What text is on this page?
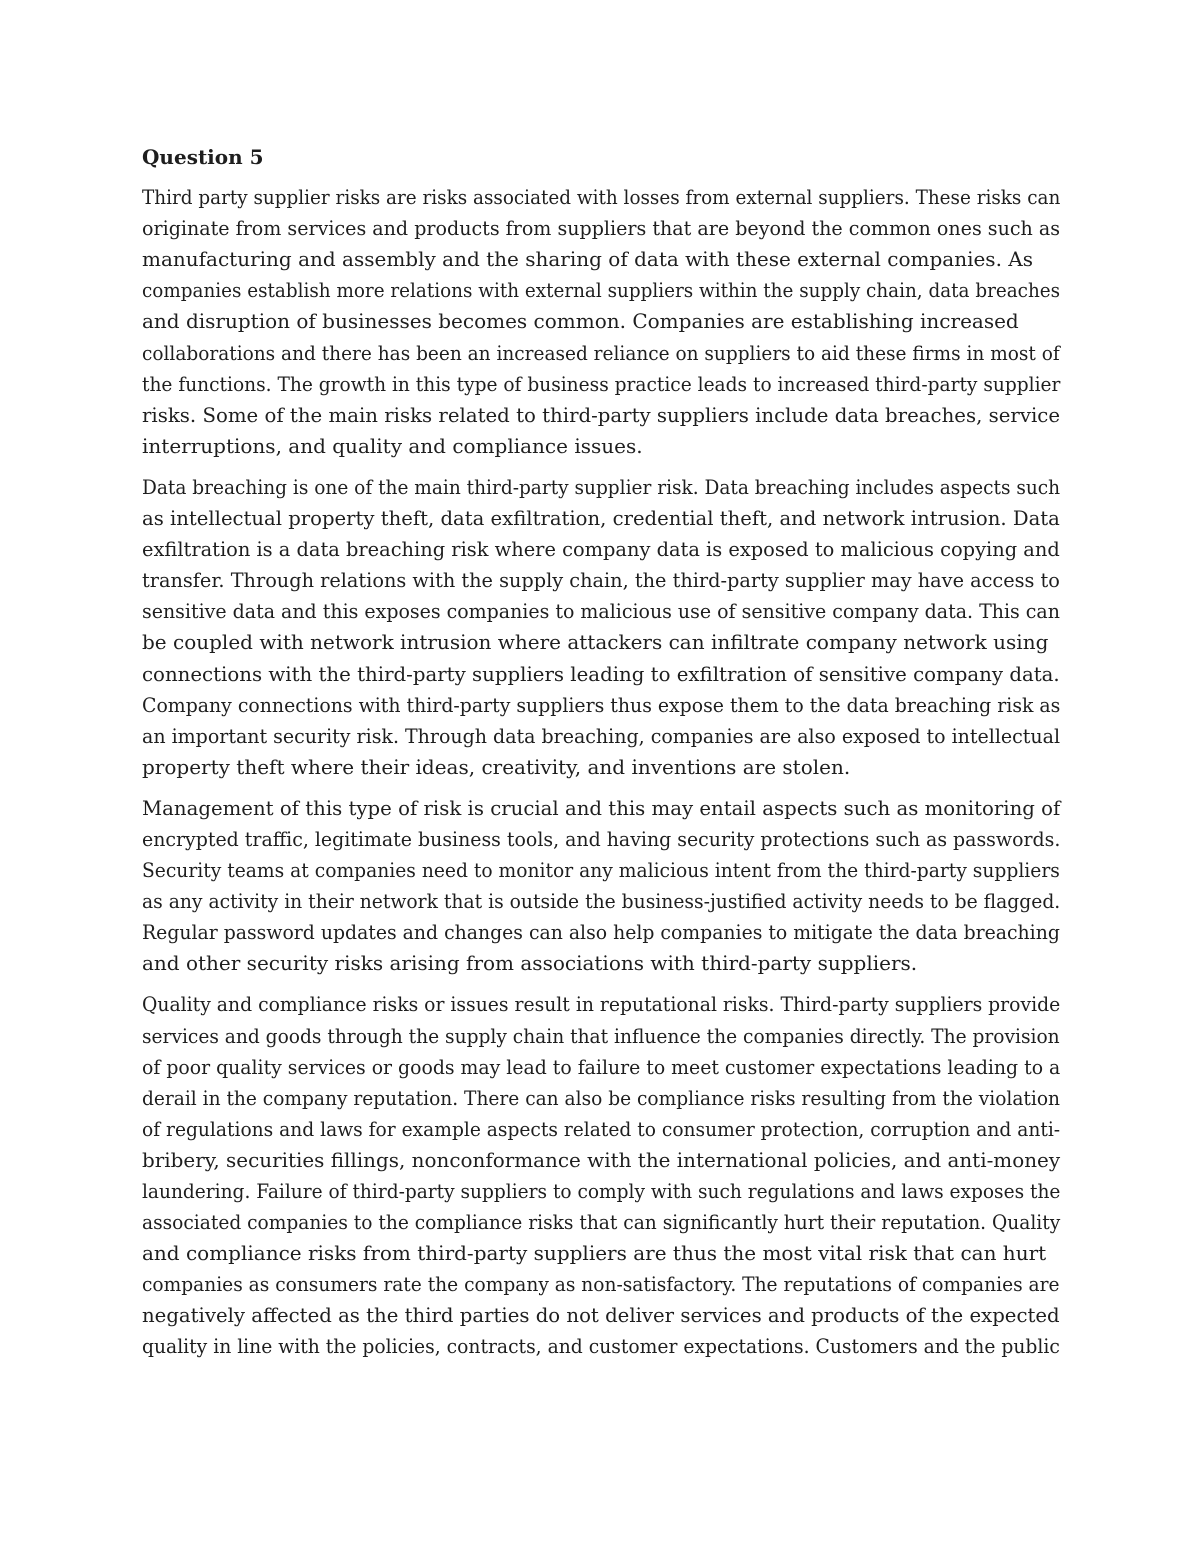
Question 5
Third party supplier risks are risks associated with losses from external suppliers. These risks can
originate from services and products from suppliers that are beyond the common ones such as
manufacturing and assembly and the sharing of data with these external companies. As
companies establish more relations with external suppliers within the supply chain, data breaches
and disruption of businesses becomes common. Companies are establishing increased
collaborations and there has been an increased reliance on suppliers to aid these firms in most of
the functions. The growth in this type of business practice leads to increased third-party supplier
risks. Some of the main risks related to third-party suppliers include data breaches, service
interruptions, and quality and compliance issues.
Data breaching is one of the main third-party supplier risk. Data breaching includes aspects such
as intellectual property theft, data exfiltration, credential theft, and network intrusion. Data
exfiltration is a data breaching risk where company data is exposed to malicious copying and
transfer. Through relations with the supply chain, the third-party supplier may have access to
sensitive data and this exposes companies to malicious use of sensitive company data. This can
be coupled with network intrusion where attackers can infiltrate company network using
connections with the third-party suppliers leading to exfiltration of sensitive company data.
Company connections with third-party suppliers thus expose them to the data breaching risk as
an important security risk. Through data breaching, companies are also exposed to intellectual
property theft where their ideas, creativity, and inventions are stolen.
Management of this type of risk is crucial and this may entail aspects such as monitoring of
encrypted traffic, legitimate business tools, and having security protections such as passwords.
Security teams at companies need to monitor any malicious intent from the third-party suppliers
as any activity in their network that is outside the business-justified activity needs to be flagged.
Regular password updates and changes can also help companies to mitigate the data breaching
and other security risks arising from associations with third-party suppliers.
Quality and compliance risks or issues result in reputational risks. Third-party suppliers provide
services and goods through the supply chain that influence the companies directly. The provision
of poor quality services or goods may lead to failure to meet customer expectations leading to a
derail in the company reputation. There can also be compliance risks resulting from the violation
of regulations and laws for example aspects related to consumer protection, corruption and anti-
bribery, securities fillings, nonconformance with the international policies, and anti-money
laundering. Failure of third-party suppliers to comply with such regulations and laws exposes the
associated companies to the compliance risks that can significantly hurt their reputation. Quality
and compliance risks from third-party suppliers are thus the most vital risk that can hurt
companies as consumers rate the company as non-satisfactory. The reputations of companies are
negatively affected as the third parties do not deliver services and products of the expected
quality in line with the policies, contracts, and customer expectations. Customers and the public
